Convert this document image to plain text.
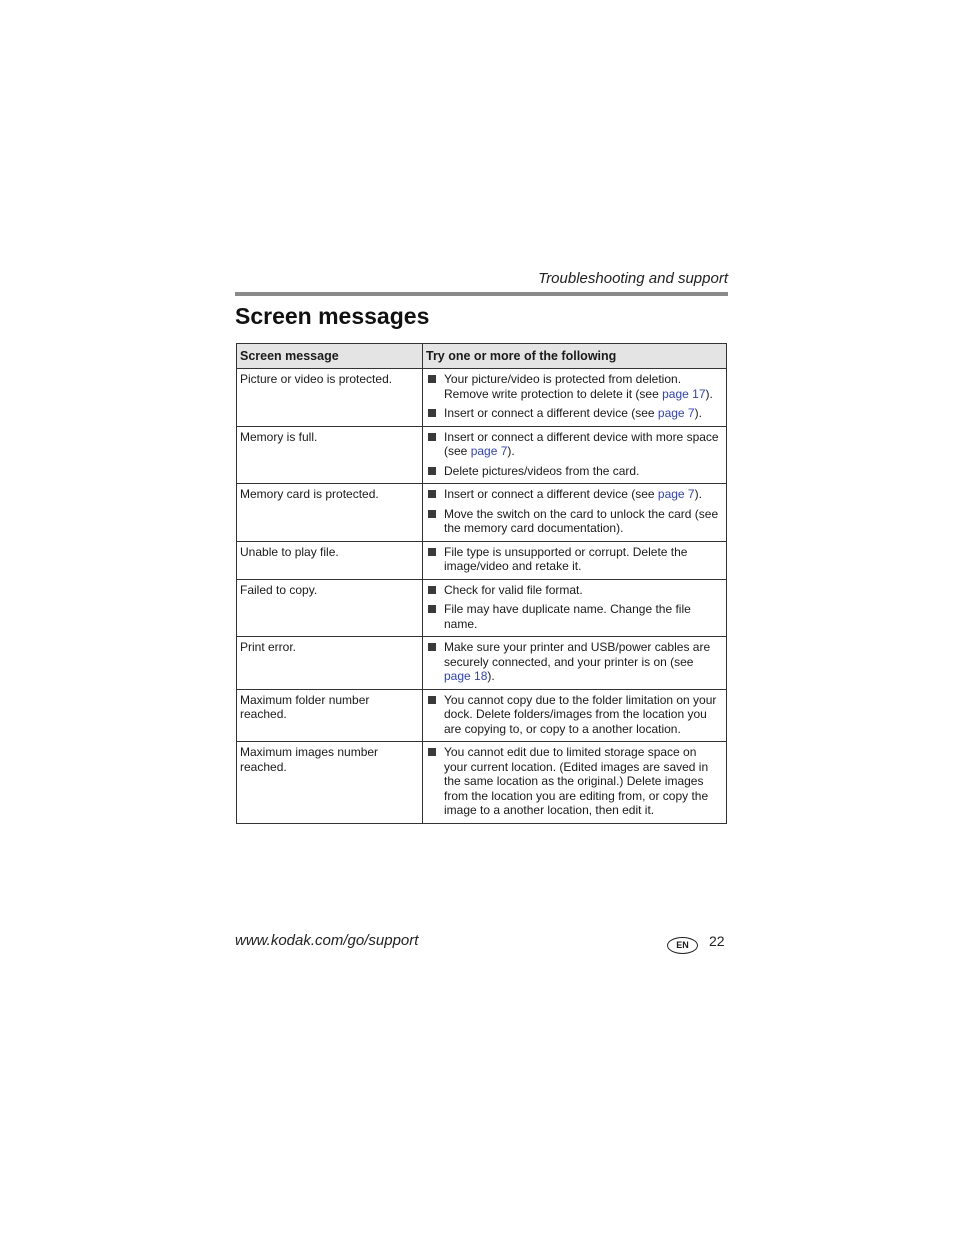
Troubleshooting and support
Screen messages
Screen message	Try one or more of the following
Picture or video is protected.	Your picture/video is protected from deletion. Remove write protection to delete it (see page 17).
Insert or connect a different device (see page 7).

Memory is full.	Insert or connect a different device with more space (see page 7).
Delete pictures/videos from the card.

Memory card is protected.	Insert or connect a different device (see page 7).
Move the switch on the card to unlock the card (see the memory card documentation).

Unable to play file.	File type is unsupported or corrupt. Delete the image/video and retake it.

Failed to copy.	Check for valid file format.
File may have duplicate name. Change the file name.

Print error.	Make sure your printer and USB/power cables are securely connected, and your printer is on (see page 18).

Maximum folder number reached.	You cannot copy due to the folder limitation on your dock. Delete folders/images from the location you are copying to, or copy to a another location.

Maximum images number reached.	You cannot edit due to limited storage space on your current location. (Edited images are saved in the same location as the original.) Delete images from the location you are editing from, or copy the image to a another location, then edit it.
www.kodak.com/go/support	EN	22
